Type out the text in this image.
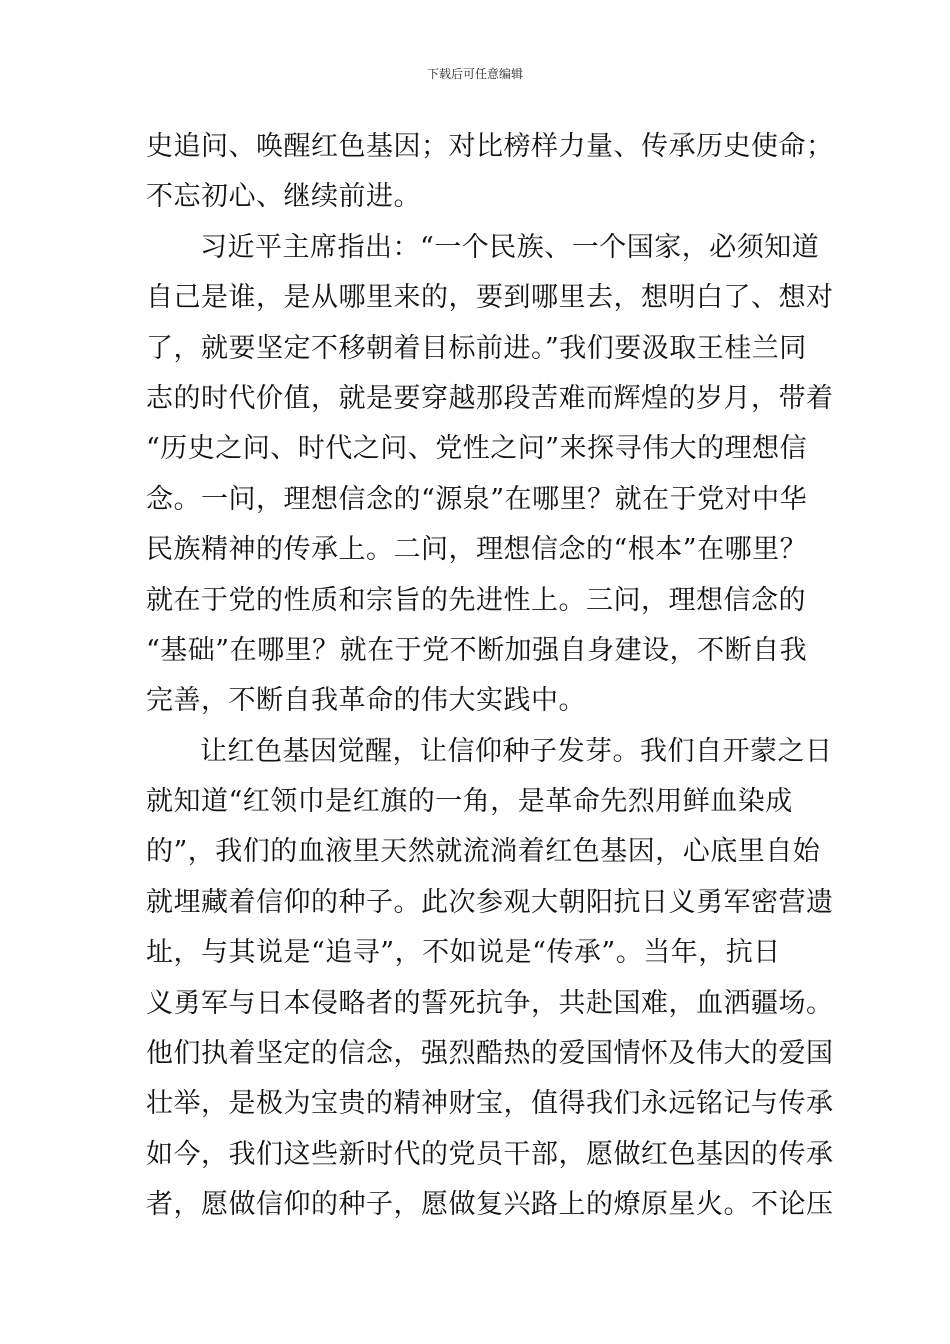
下载后可任意编辑
史追问、唤醒红色基因；对比榜样力量、传承历史使命；
不忘初心、继续前进。
习近平主席指出：“一个民族、一个国家，必须知道
自己是谁，是从哪里来的，要到哪里去，想明白了、想对
了，就要坚定不移朝着目标前进。”我们要汲取王桂兰同
志的时代价值，就是要穿越那段苦难而辉煌的岁月，带着
“历史之问、时代之问、党性之问”来探寻伟大的理想信
念。一问，理想信念的“源泉”在哪里？就在于党对中华
民族精神的传承上。二问，理想信念的“根本”在哪里？
就在于党的性质和宗旨的先进性上。三问，理想信念的
“基础”在哪里？就在于党不断加强自身建设，不断自我
完善，不断自我革命的伟大实践中。
让红色基因觉醒，让信仰种子发芽。我们自开蒙之日
就知道“红领巾是红旗的一角，是革命先烈用鲜血染成
的”，我们的血液里天然就流淌着红色基因，心底里自始
就埋藏着信仰的种子。此次参观大朝阳抗日义勇军密营遗
址，与其说是“追寻”，不如说是“传承”。当年，抗日
义勇军与日本侵略者的誓死抗争，共赴国难，血洒疆场。
他们执着坚定的信念，强烈酷热的爱国情怀及伟大的爱国
壮举，是极为宝贵的精神财宝，值得我们永远铭记与传承
如今，我们这些新时代的党员干部，愿做红色基因的传承
者，愿做信仰的种子，愿做复兴路上的燎原星火。不论压
